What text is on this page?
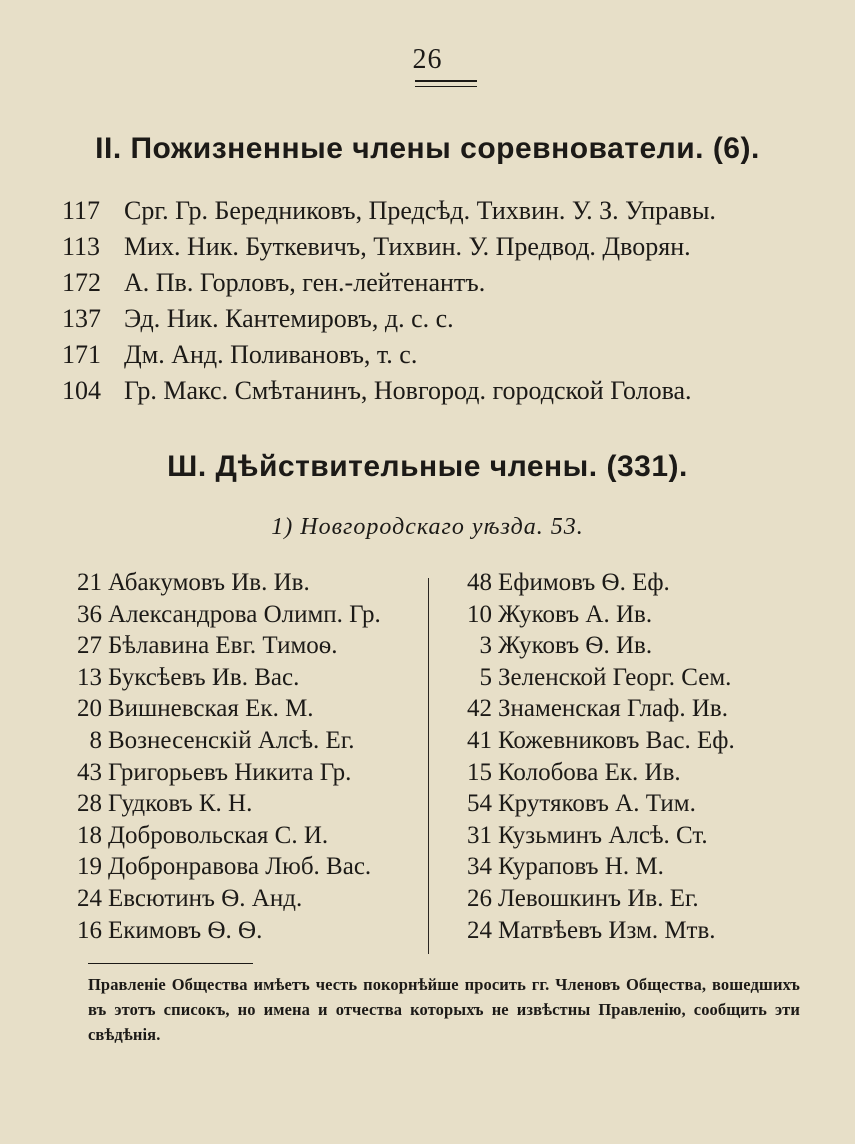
26
II. Пожизненные члены соревнователи. (6).
117 Срг. Гр. Бередниковъ, Предсѣд. Тихвин. У. З. Управы.
113 Мих. Ник. Буткевичъ, Тихвин. У. Предвод. Дворян.
172 А. Пв. Горловъ, ген.-лейтенантъ.
137 Эд. Ник. Кантемировъ, д. с. с.
171 Дм. Анд. Поливановъ, т. с.
104 Гр. Макс. Смѣтанинъ, Новгород. городской Голова.
Ш. Дѣйствительные члены. (331).
1) Новгородскаго уѣзда. 53.
21 Абакумовъ Ив. Ив.
36 Александрова Олимп. Гр.
27 Бѣлавина Евг. Тимоѳ.
13 Буксѣевъ Ив. Вас.
20 Вишневская Ек. М.
8 Вознесенскій Алсѣ. Ег.
43 Григорьевъ Никита Гр.
28 Гудковъ К. Н.
18 Добровольская С. И.
19 Добронравова Люб. Вас.
24 Евсютинъ Ѳ. Анд.
16 Екимовъ Ѳ. Ѳ.
48 Ефимовъ Ѳ. Еф.
10 Жуковъ А. Ив.
3 Жуковъ Ѳ. Ив.
5 Зеленской Георг. Сем.
42 Знаменская Глаф. Ив.
41 Кожевниковъ Вас. Еф.
15 Колобова Ек. Ив.
54 Крутяковъ А. Тим.
31 Кузьминъ Алсѣ. Ст.
34 Кураповъ Н. М.
26 Левошкинъ Ив. Ег.
24 Матвѣевъ Изм. Мтв.
Правленіе Общества имѣетъ честь покорнѣйше просить гг. Членовъ Общества, вошедшихъ въ этотъ списокъ, но имена и отчества которыхъ не извѣстны Правленію, сообщить эти свѣдѣнія.
